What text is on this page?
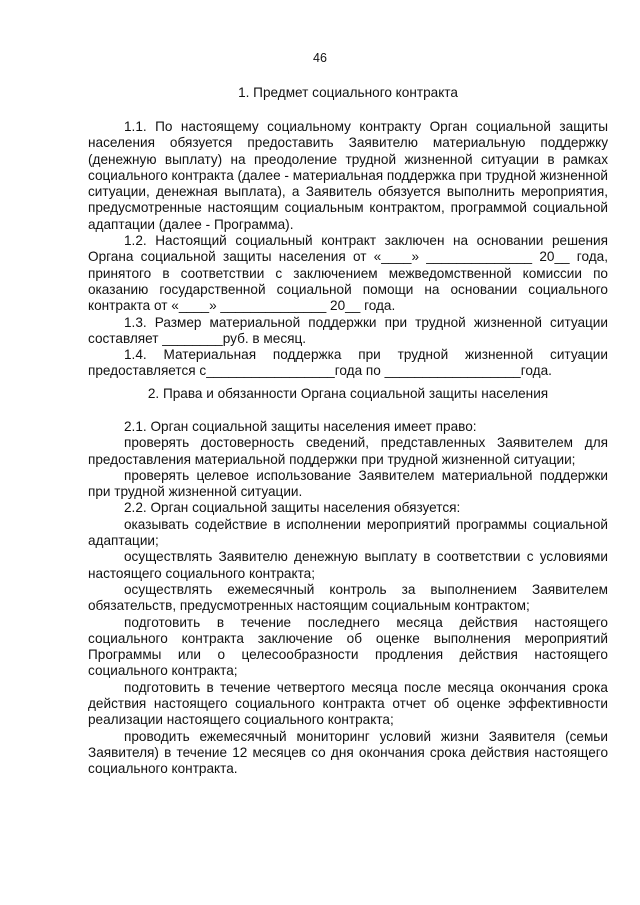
46
1. Предмет социального контракта

1.1. По настоящему социальному контракту Орган социальной защиты населения обязуется предоставить Заявителю материальную поддержку (денежную выплату) на преодоление трудной жизненной ситуации в рамках социального контракта (далее - материальная поддержка при трудной жизненной ситуации, денежная выплата), а Заявитель обязуется выполнить мероприятия, предусмотренные настоящим социальным контрактом, программой социальной адаптации (далее - Программа).

1.2. Настоящий социальный контракт заключен на основании решения Органа социальной защиты населения от «____» ______________ 20__ года, принятого в соответствии с заключением межведомственной комиссии по оказанию государственной социальной помощи на основании социального контракта от «____» ______________ 20__ года.

1.3. Размер материальной поддержки при трудной жизненной ситуации составляет ________руб. в месяц.

1.4. Материальная поддержка при трудной жизненной ситуации предоставляется с_________________года по __________________года.

2. Права и обязанности Органа социальной защиты населения

2.1. Орган социальной защиты населения имеет право:

проверять достоверность сведений, представленных Заявителем для предоставления материальной поддержки при трудной жизненной ситуации;

проверять целевое использование Заявителем материальной поддержки при трудной жизненной ситуации.

2.2. Орган социальной защиты населения обязуется:

оказывать содействие в исполнении мероприятий программы социальной адаптации;

осуществлять Заявителю денежную выплату в соответствии с условиями настоящего социального контракта;

осуществлять ежемесячный контроль за выполнением Заявителем обязательств, предусмотренных настоящим социальным контрактом;

подготовить в течение последнего месяца действия настоящего социального контракта заключение об оценке выполнения мероприятий Программы или о целесообразности продления действия настоящего социального контракта;

подготовить в течение четвертого месяца после месяца окончания срока действия настоящего социального контракта отчет об оценке эффективности реализации настоящего социального контракта;

проводить ежемесячный мониторинг условий жизни Заявителя (семьи Заявителя) в течение 12 месяцев со дня окончания срока действия настоящего социального контракта.
